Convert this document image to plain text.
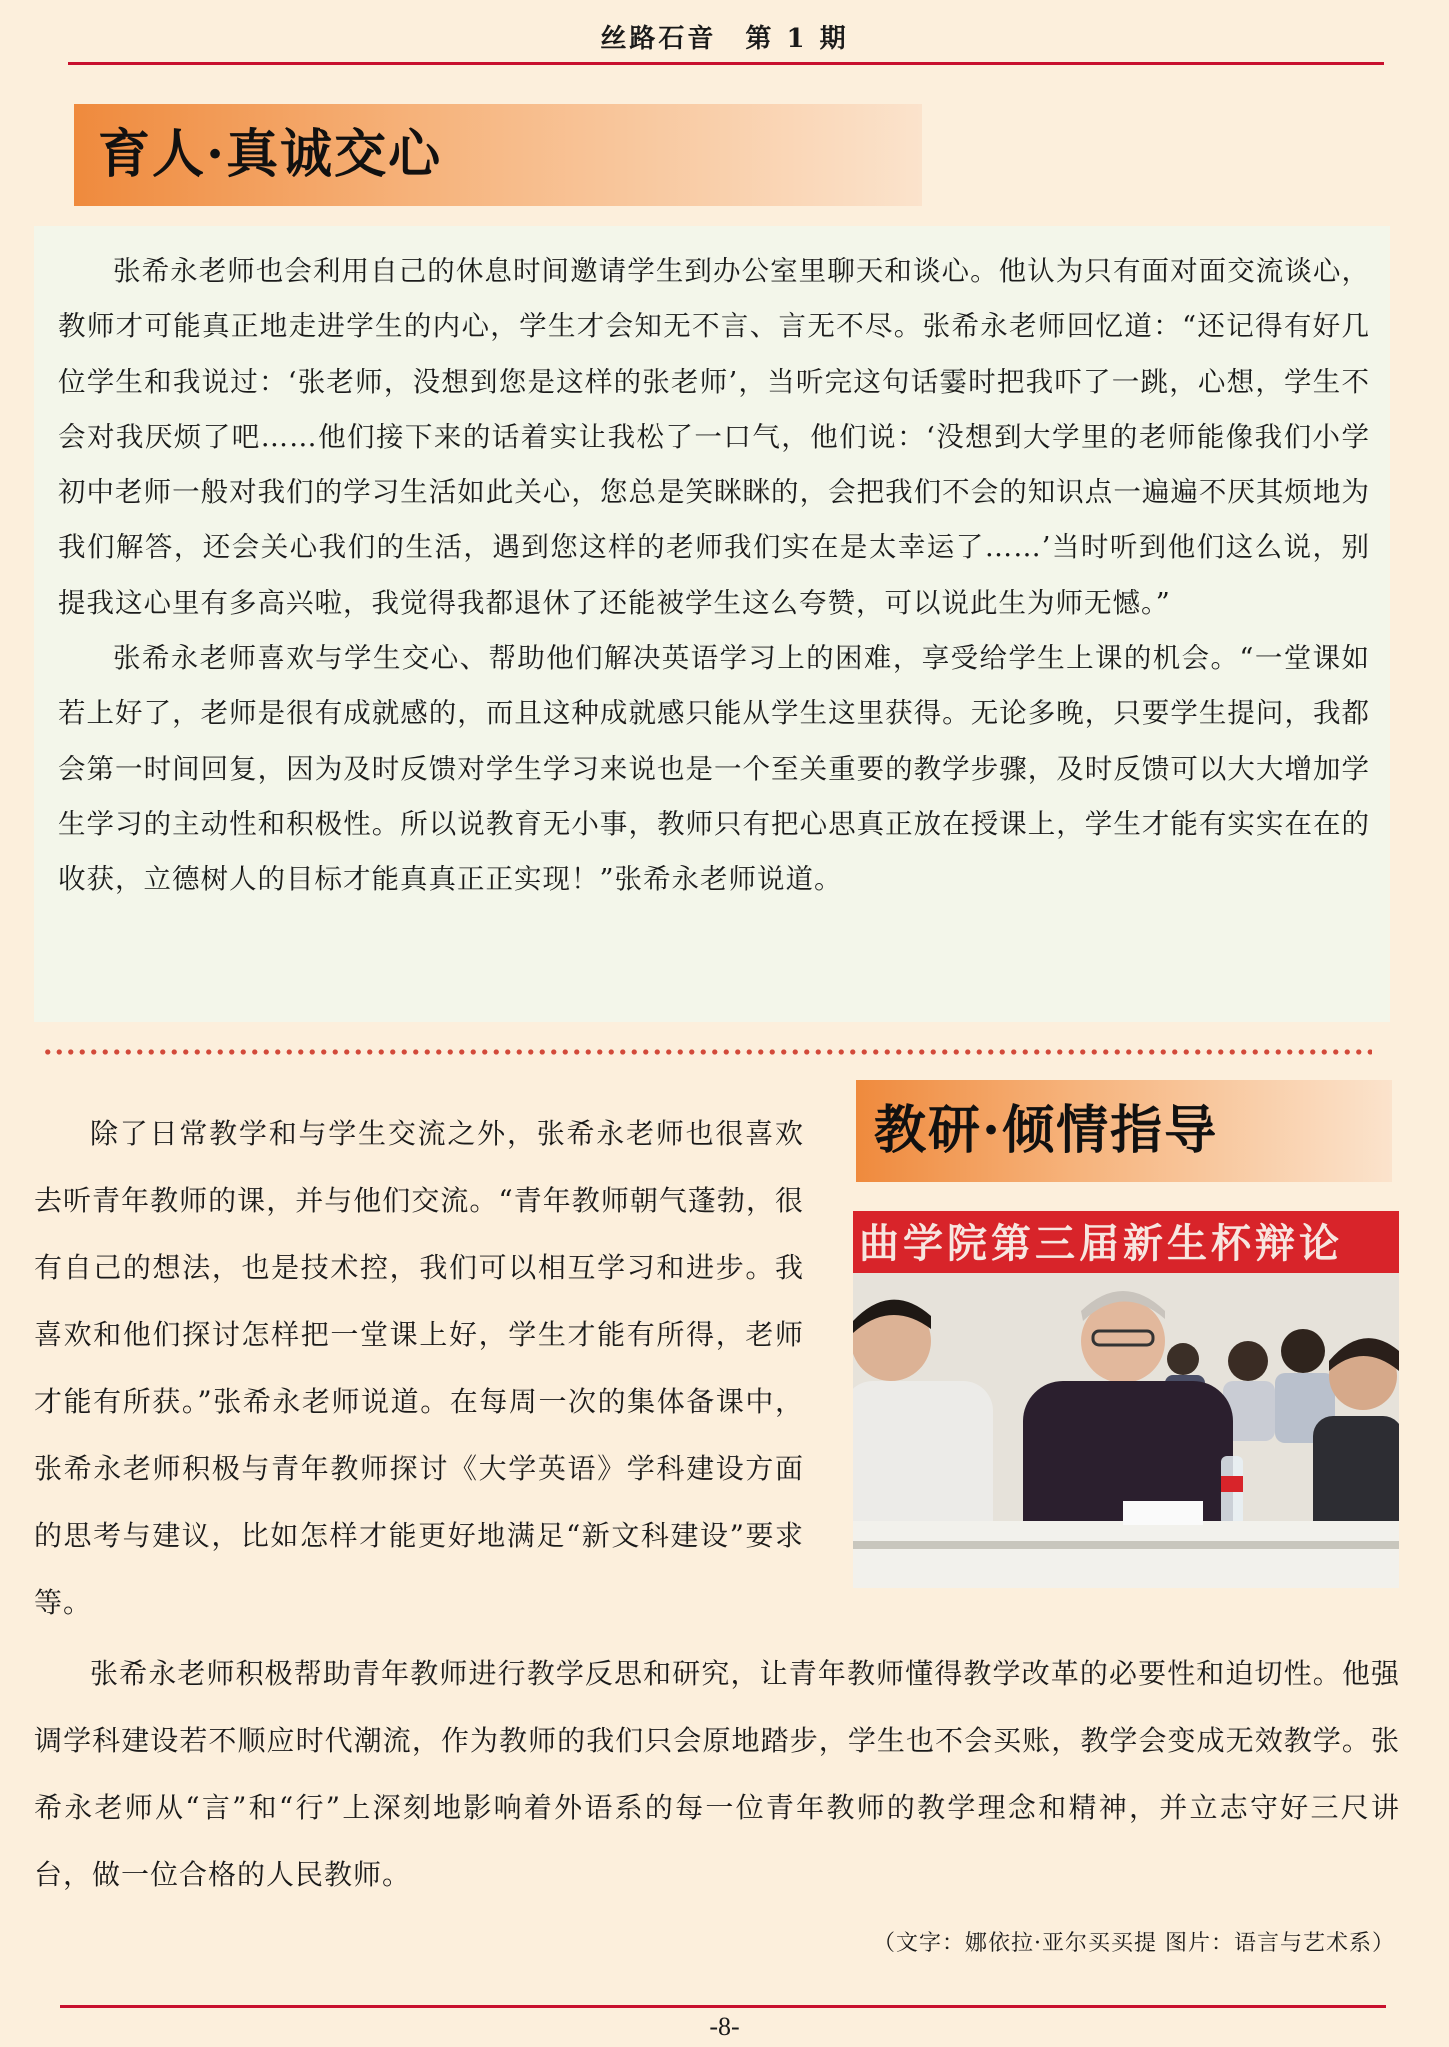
丝路石音　第 1 期
育人·真诚交心

张希永老师也会利用自己的休息时间邀请学生到办公室里聊天和谈心。他认为只有面对面交流谈心，教师才可能真正地走进学生的内心，学生才会知无不言、言无不尽。张希永老师回忆道：“还记得有好几位学生和我说过：‘张老师，没想到您是这样的张老师’，当听完这句话霎时把我吓了一跳，心想，学生不会对我厌烦了吧……他们接下来的话着实让我松了一口气，他们说：‘没想到大学里的老师能像我们小学初中老师一般对我们的学习生活如此关心，您总是笑眯眯的，会把我们不会的知识点一遍遍不厌其烦地为我们解答，还会关心我们的生活，遇到您这样的老师我们实在是太幸运了……’当时听到他们这么说，别提我这心里有多高兴啦，我觉得我都退休了还能被学生这么夸赞，可以说此生为师无憾。”

张希永老师喜欢与学生交心、帮助他们解决英语学习上的困难，享受给学生上课的机会。“一堂课如若上好了，老师是很有成就感的，而且这种成就感只能从学生这里获得。无论多晚，只要学生提问，我都会第一时间回复，因为及时反馈对学生学习来说也是一个至关重要的教学步骤，及时反馈可以大大增加学生学习的主动性和积极性。所以说教育无小事，教师只有把心思真正放在授课上，学生才能有实实在在的收获，立德树人的目标才能真真正正实现！”张希永老师说道。

除了日常教学和与学生交流之外，张希永老师也很喜欢去听青年教师的课，并与他们交流。“青年教师朝气蓬勃，很有自己的想法，也是技术控，我们可以相互学习和进步。我喜欢和他们探讨怎样把一堂课上好，学生才能有所得，老师才能有所获。”张希永老师说道。在每周一次的集体备课中，张希永老师积极与青年教师探讨《大学英语》学科建设方面的思考与建议，比如怎样才能更好地满足“新文科建设”要求等。

教研·倾情指导
曲学院第三届新生杯辩论

张希永老师积极帮助青年教师进行教学反思和研究，让青年教师懂得教学改革的必要性和迫切性。他强调学科建设若不顺应时代潮流，作为教师的我们只会原地踏步，学生也不会买账，教学会变成无效教学。张希永老师从“言”和“行”上深刻地影响着外语系的每一位青年教师的教学理念和精神，并立志守好三尺讲台，做一位合格的人民教师。

（文字：娜依拉·亚尔买买提 图片：语言与艺术系）
-8-
